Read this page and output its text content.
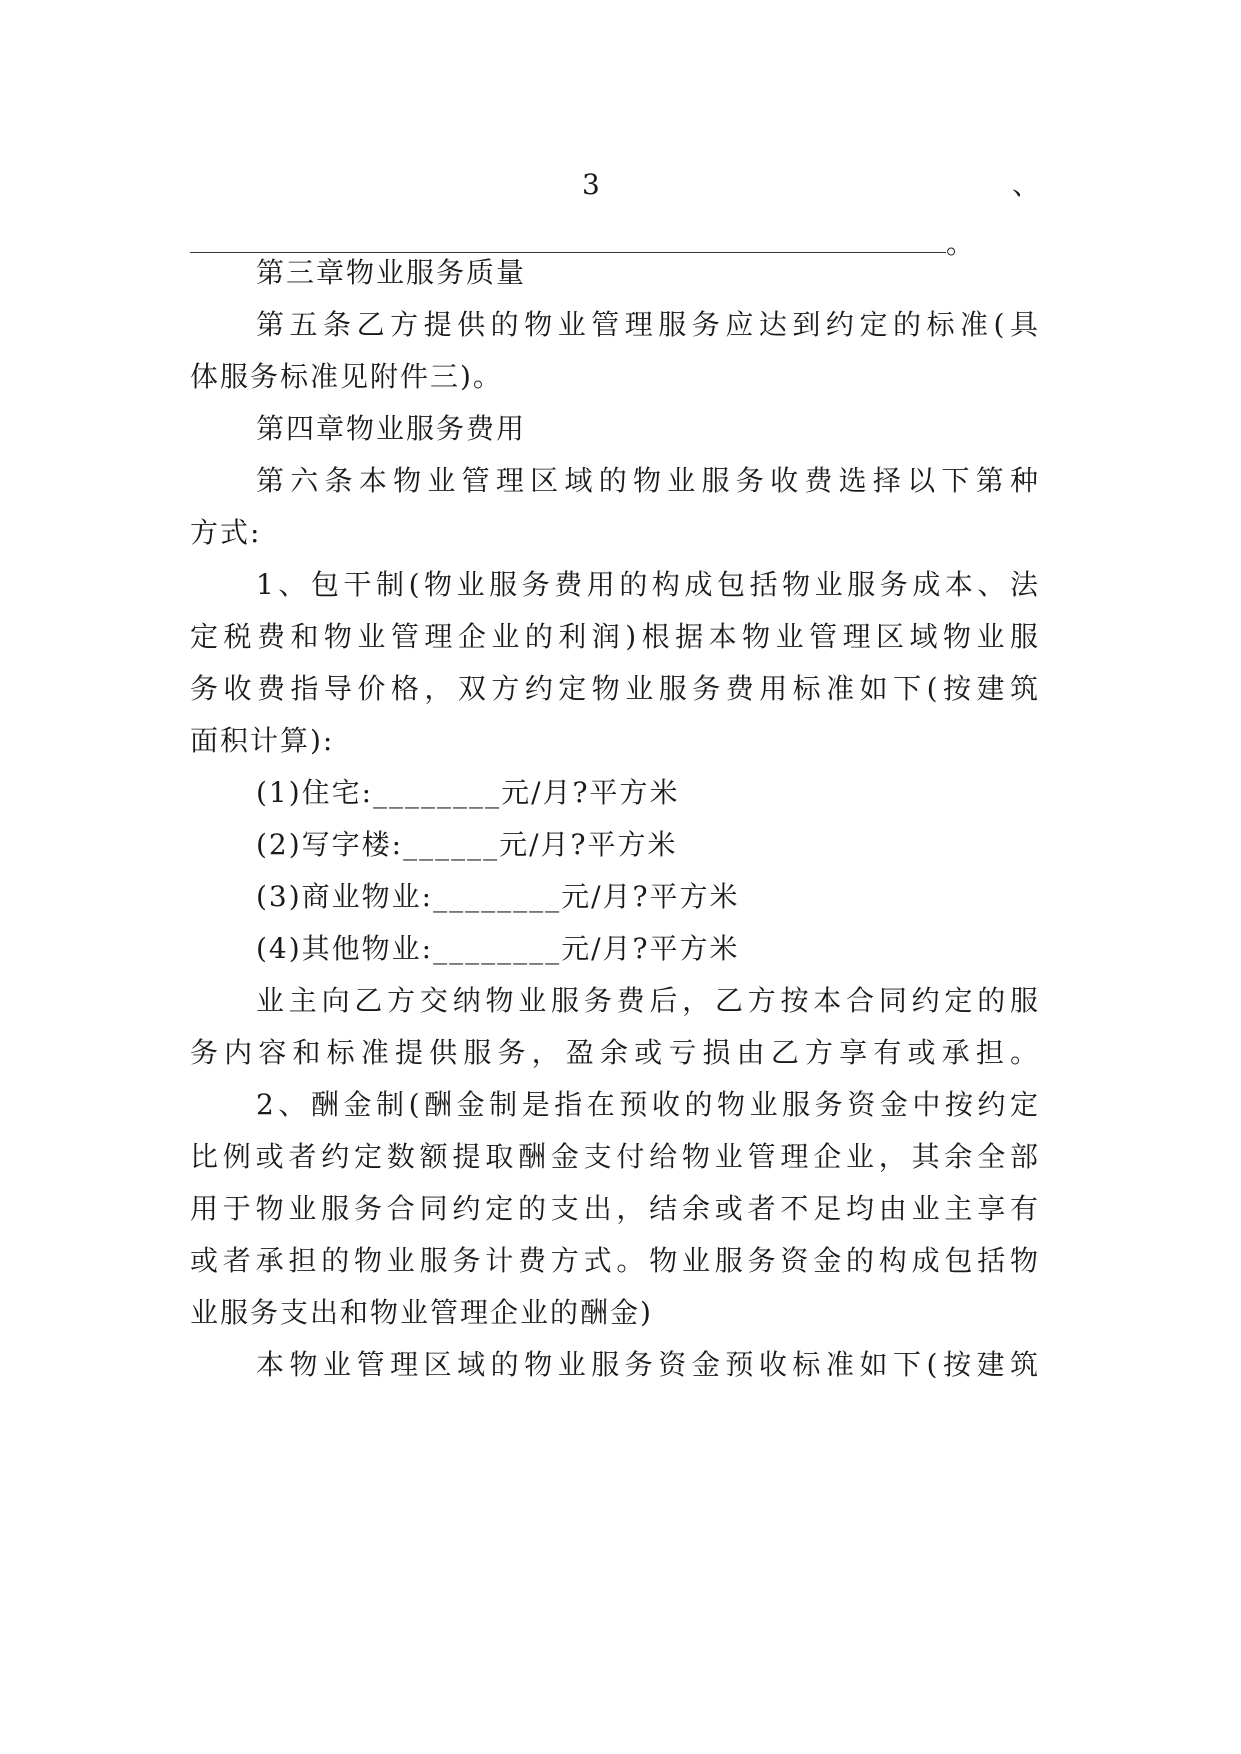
3	、
。
第三章物业服务质量
第五条乙方提供的物业管理服务应达到约定的标准(具
体服务标准见附件三)。
第四章物业服务费用
第六条本物业管理区域的物业服务收费选择以下第种
方式:
1、包干制(物业服务费用的构成包括物业服务成本、法
定税费和物业管理企业的利润)根据本物业管理区域物业服
务收费指导价格，双方约定物业服务费用标准如下(按建筑
面积计算):
(1)住宅:________元/月?平方米
(2)写字楼:______元/月?平方米
(3)商业物业:________元/月?平方米
(4)其他物业:________元/月?平方米
业主向乙方交纳物业服务费后，乙方按本合同约定的服
务内容和标准提供服务，盈余或亏损由乙方享有或承担。
2、酬金制(酬金制是指在预收的物业服务资金中按约定
比例或者约定数额提取酬金支付给物业管理企业，其余全部
用于物业服务合同约定的支出，结余或者不足均由业主享有
或者承担的物业服务计费方式。物业服务资金的构成包括物
业服务支出和物业管理企业的酬金)
本物业管理区域的物业服务资金预收标准如下(按建筑
